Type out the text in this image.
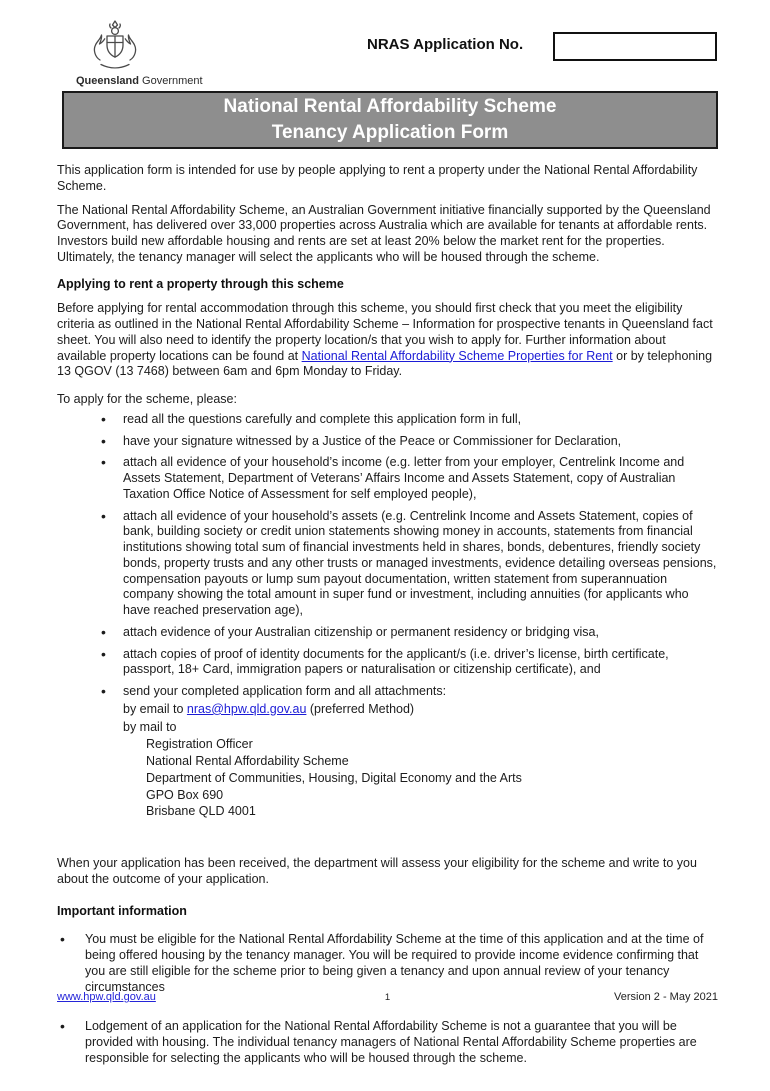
Queensland Government
NRAS Application No.
National Rental Affordability Scheme
Tenancy Application Form

This application form is intended for use by people applying to rent a property under the National Rental Affordability Scheme.

The National Rental Affordability Scheme, an Australian Government initiative financially supported by the Queensland Government, has delivered over 33,000 properties across Australia which are available for tenants at affordable rents. Investors build new affordable housing and rents are set at least 20% below the market rent for the properties. Ultimately, the tenancy manager will select the applicants who will be housed through the scheme.

Applying to rent a property through this scheme

Before applying for rental accommodation through this scheme, you should first check that you meet the eligibility criteria as outlined in the National Rental Affordability Scheme – Information for prospective tenants in Queensland fact sheet. You will also need to identify the property location/s that you wish to apply for. Further information about available property locations can be found at National Rental Affordability Scheme Properties for Rent or by telephoning 13 QGOV (13 7468) between 6am and 6pm Monday to Friday.

To apply for the scheme, please:

• read all the questions carefully and complete this application form in full,
• have your signature witnessed by a Justice of the Peace or Commissioner for Declaration,
• attach all evidence of your household’s income (e.g. letter from your employer, Centrelink Income and Assets Statement, Department of Veterans’ Affairs Income and Assets Statement, copy of Australian Taxation Office Notice of Assessment for self employed people),
• attach all evidence of your household’s assets (e.g. Centrelink Income and Assets Statement, copies of bank, building society or credit union statements showing money in accounts, statements from financial institutions showing total sum of financial investments held in shares, bonds, debentures, friendly society bonds, property trusts and any other trusts or managed investments, evidence detailing overseas pensions, compensation payouts or lump sum payout documentation, written statement from superannuation company showing the total amount in super fund or investment, including annuities (for applicants who have reached preservation age),
• attach evidence of your Australian citizenship or permanent residency or bridging visa,
• attach copies of proof of identity documents for the applicant/s (i.e. driver’s license, birth certificate, passport, 18+ Card, immigration papers or naturalisation or citizenship certificate), and
• send your completed application form and all attachments:
by email to nras@hpw.qld.gov.au (preferred Method)
by mail to
Registration Officer
National Rental Affordability Scheme
Department of Communities, Housing, Digital Economy and the Arts
GPO Box 690
Brisbane QLD 4001

When your application has been received, the department will assess your eligibility for the scheme and write to you about the outcome of your application.

Important information
• You must be eligible for the National Rental Affordability Scheme at the time of this application and at the time of being offered housing by the tenancy manager. You will be required to provide income evidence confirming that you are still eligible for the scheme prior to being given a tenancy and upon annual review of your tenancy circumstances
• Lodgement of an application for the National Rental Affordability Scheme is not a guarantee that you will be provided with housing. The individual tenancy managers of National Rental Affordability Scheme properties are responsible for selecting the applicants who will be housed through the scheme.
www.hpw.qld.gov.au	1	Version 2 - May 2021
